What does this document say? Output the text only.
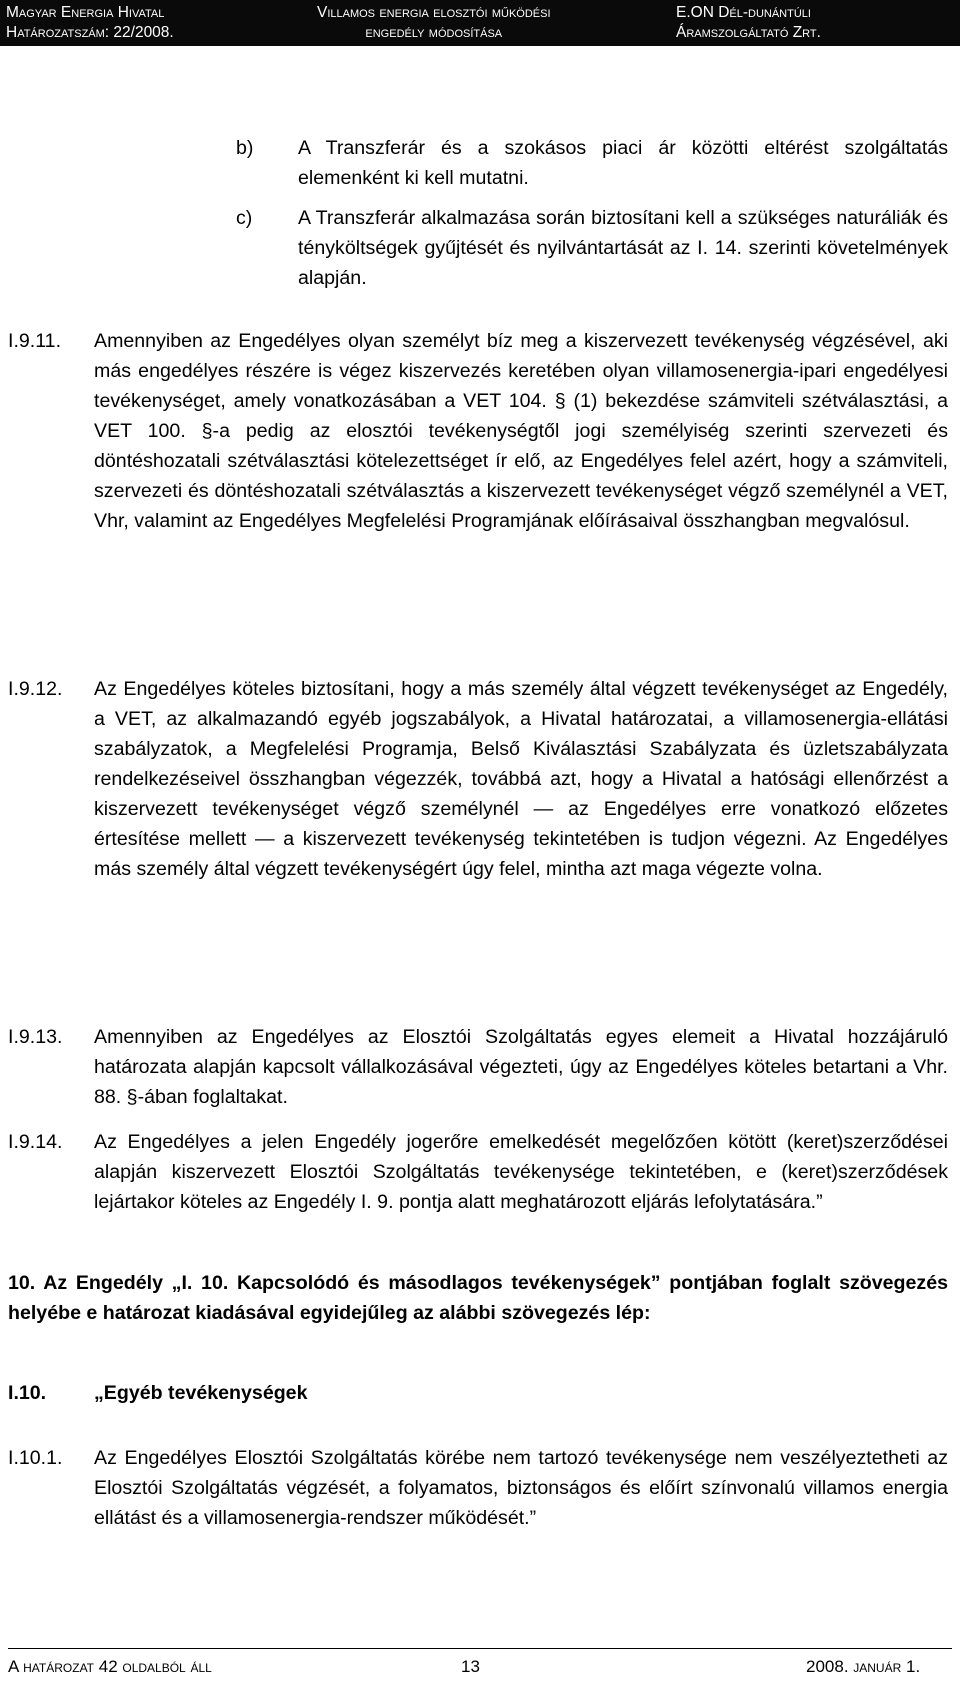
Magyar Energia Hivatal
Határozatszám: 22/2008.
Villamos energia elosztói működési
engedély módosítása
E.ON Dél-dunántúli
Áramszolgáltató Zrt.
b) A Transzferár és a szokásos piaci ár közötti eltérést szolgáltatás elemenként ki kell mutatni.
c) A Transzferár alkalmazása során biztosítani kell a szükséges naturáliák és tényköltségek gyűjtését és nyilvántartását az I. 14. szerinti követelmények alapján.
I.9.11. Amennyiben az Engedélyes olyan személyt bíz meg a kiszervezett tevékenység végzésével, aki más engedélyes részére is végez kiszervezés keretében olyan villamosenergia-ipari engedélyesi tevékenységet, amely vonatkozásában a VET 104. § (1) bekezdése számviteli szétválasztási, a VET 100. §-a pedig az elosztói tevékenységtől jogi személyiség szerinti szervezeti és döntéshozatali szétválasztási kötelezettséget ír elő, az Engedélyes felel azért, hogy a számviteli, szervezeti és döntéshozatali szétválasztás a kiszervezett tevékenységet végző személynél a VET, Vhr, valamint az Engedélyes Megfelelési Programjának előírásaival összhangban megvalósul.
I.9.12. Az Engedélyes köteles biztosítani, hogy a más személy által végzett tevékenységet az Engedély, a VET, az alkalmazandó egyéb jogszabályok, a Hivatal határozatai, a villamosenergia-ellátási szabályzatok, a Megfelelési Programja, Belső Kiválasztási Szabályzata és üzletszabályzata rendelkezéseivel összhangban végezzék, továbbá azt, hogy a Hivatal a hatósági ellenőrzést a kiszervezett tevékenységet végző személynél — az Engedélyes erre vonatkozó előzetes értesítése mellett — a kiszervezett tevékenység tekintetében is tudjon végezni. Az Engedélyes más személy által végzett tevékenységért úgy felel, mintha azt maga végezte volna.
I.9.13. Amennyiben az Engedélyes az Elosztói Szolgáltatás egyes elemeit a Hivatal hozzájáruló határozata alapján kapcsolt vállalkozásával végezteti, úgy az Engedélyes köteles betartani a Vhr. 88. §-ában foglaltakat.
I.9.14. Az Engedélyes a jelen Engedély jogerőre emelkedését megelőzően kötött (keret)szerződései alapján kiszervezett Elosztói Szolgáltatás tevékenysége tekintetében, e (keret)szerződések lejártakor köteles az Engedély I. 9. pontja alatt meghatározott eljárás lefolytatására.”
10. Az Engedély „I. 10. Kapcsolódó és másodlagos tevékenységek” pontjában foglalt szövegezés helyébe e határozat kiadásával egyidejűleg az alábbi szövegezés lép:
I.10. „Egyéb tevékenységek
I.10.1. Az Engedélyes Elosztói Szolgáltatás körébe nem tartozó tevékenysége nem veszélyeztetheti az Elosztói Szolgáltatás végzését, a folyamatos, biztonságos és előírt színvonalú villamos energia ellátást és a villamosenergia-rendszer működését.”
A határozat 42 oldalból áll	13	2008. január 1.
